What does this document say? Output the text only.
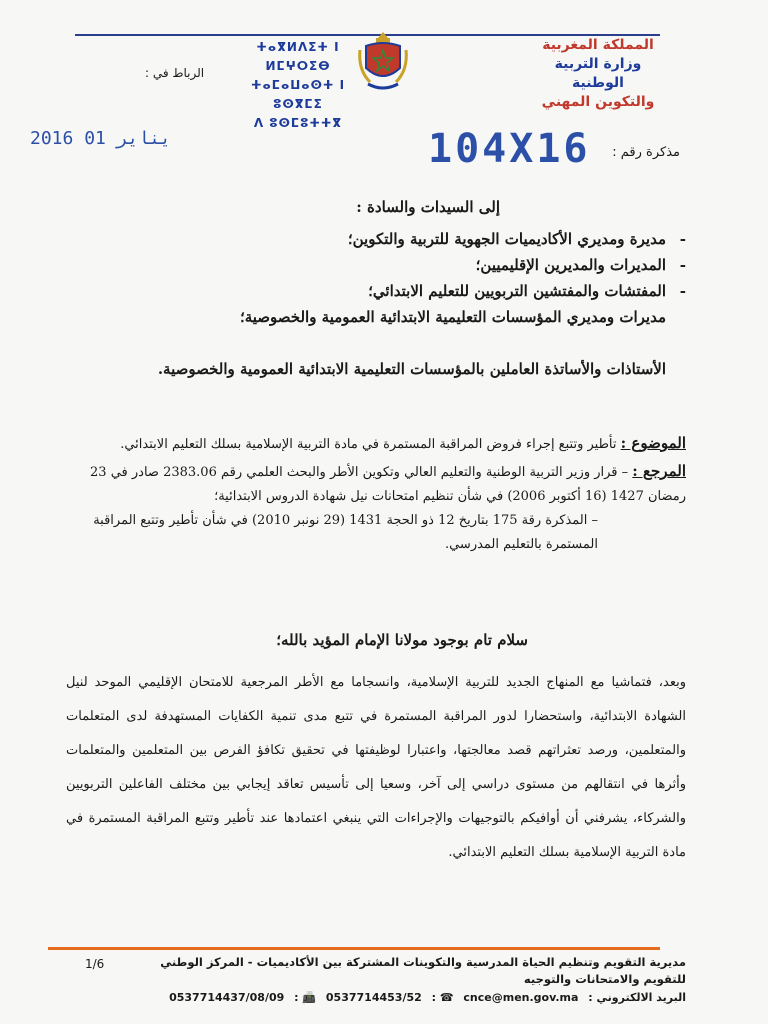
المملكة المغربية
وزارة التربية الوطنية
والتكوين المهني
ⵜⴰⴳⵍⴷⵉⵜ ⵏ ⵍⵎⵖⵔⵉⴱ
ⵜⴰⵎⴰⵡⴰⵙⵜ ⵏ ⵓⵙⴳⵎⵉ
ⴷ ⵓⵙⵎⵓⵜⵜⴳ
الرباط في :
2016 يناير 01	104X16 مذكرة رقم :
إلى السيدات والسادة :
-مديرة ومديري الأكاديميات الجهوية للتربية والتكوين؛
-المديرات والمديرين الإقليميين؛
-المفتشات والمفتشين التربويين للتعليم الابتدائي؛
مديرات ومديري المؤسسات التعليمية الابتدائية العمومية والخصوصية؛
الأستاذات والأساتذة العاملين بالمؤسسات التعليمية الابتدائية العمومية والخصوصية.
الموضوع : تأطير وتتبع إجراء فروض المراقبة المستمرة في مادة التربية الإسلامية بسلك التعليم الابتدائي.
المرجع : – قرار وزير التربية الوطنية والتعليم العالي وتكوين الأطر والبحث العلمي رقم 2383.06 صادر في 23 رمضان 1427 (16 أكتوبر 2006) في شأن تنظيم امتحانات نيل شهادة الدروس الابتدائية؛
– المذكرة رقة 175 بتاريخ 12 ذو الحجة 1431 (29 نونبر 2010) في شأن تأطير وتتبع المراقبة المستمرة بالتعليم المدرسي.
سلام تام بوجود مولانا الإمام المؤيد بالله؛
وبعد، فتماشيا مع المنهاج الجديد للتربية الإسلامية، وانسجاما مع الأطر المرجعية للامتحان الإقليمي الموحد لنيل الشهادة الابتدائية، واستحضارا لدور المراقبة المستمرة في تتبع مدى تنمية الكفايات المستهدفة لدى المتعلمات والمتعلمين، ورصد تعثراتهم قصد معالجتها، واعتبارا لوظيفتها في تحقيق تكافؤ الفرص بين المتعلمين والمتعلمات وأثرها في انتقالهم من مستوى دراسي إلى آخر، وسعيا إلى تأسيس تعاقد إيجابي بين مختلف الفاعلين التربويين والشركاء، يشرفني أن أوافيكم بالتوجيهات والإجراءات التي ينبغي اعتمادها عند تأطير وتتبع المراقبة المستمرة في مادة التربية الإسلامية بسلك التعليم الابتدائي.
1/6	مديرية التقويم وتنظيم الحياة المدرسية والتكوينات المشتركة بين الأكاديميات - المركز الوطني
للتقويم والامتحانات والتوجيه
البريد الالكتروني : cnce@men.gov.ma ☎ : 0537714453/52 📠 : 0537714437/08/09
